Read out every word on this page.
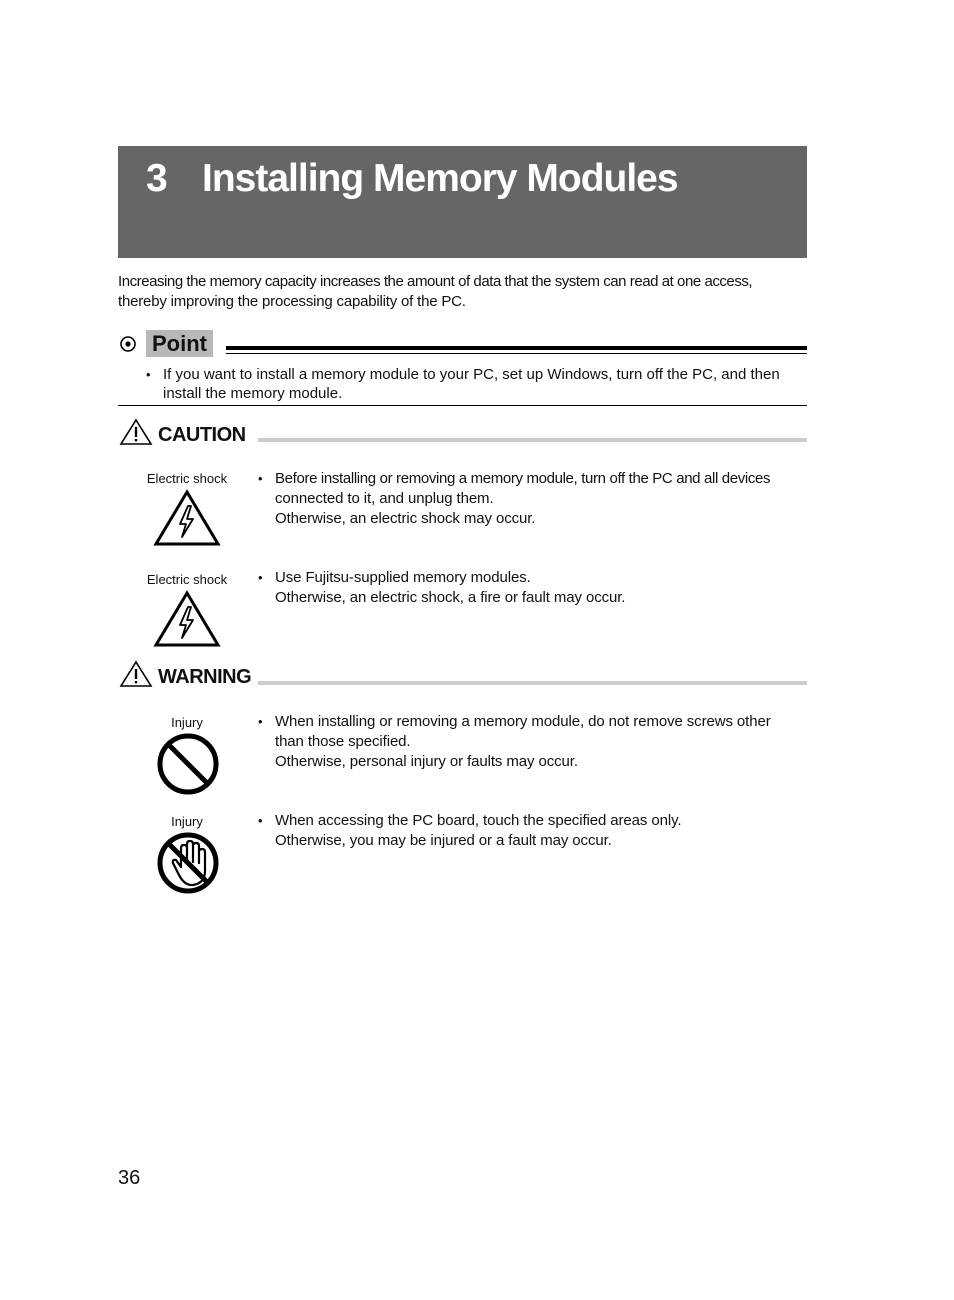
3 Installing Memory Modules
Increasing the memory capacity increases the amount of data that the system can read at one access,
thereby improving the processing capability of the PC.
Point
• If you want to install a memory module to your PC, set up Windows, turn off the PC, and then
install the memory module.
CAUTION
Electric shock	• Before installing or removing a memory module, turn off the PC and all devices
connected to it, and unplug them.
Otherwise, an electric shock may occur.
Electric shock	• Use Fujitsu-supplied memory modules.
Otherwise, an electric shock, a fire or fault may occur.
WARNING
Injury	• When installing or removing a memory module, do not remove screws other
than those specified.
Otherwise, personal injury or faults may occur.
Injury	• When accessing the PC board, touch the specified areas only.
Otherwise, you may be injured or a fault may occur.
36
